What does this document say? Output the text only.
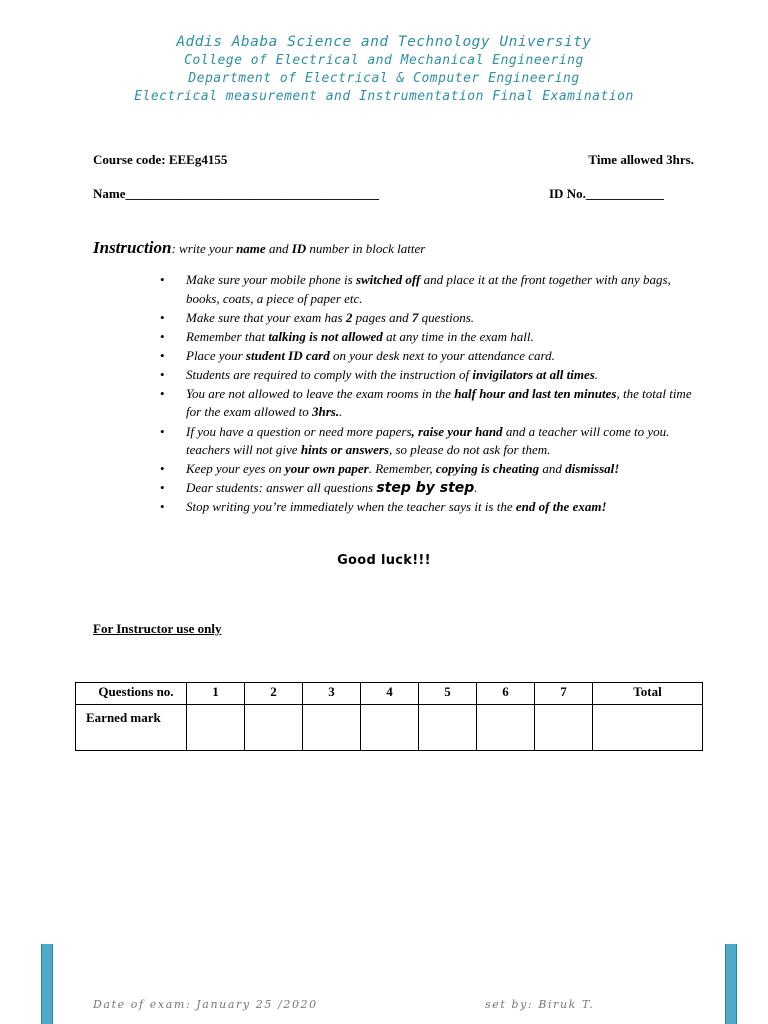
Addis Ababa Science and Technology University
College of Electrical and Mechanical Engineering
Department of Electrical & Computer Engineering
Electrical measurement and Instrumentation Final Examination
Course code: EEEg4155	Time allowed 3hrs.
Name_______________________________________	ID No.____________
Instruction: write your name and ID number in block latter
• Make sure your mobile phone is switched off and place it at the front together with any bags, books, coats, a piece of paper etc.
• Make sure that your exam has 2 pages and 7 questions.
• Remember that talking is not allowed at any time in the exam hall.
• Place your student ID card on your desk next to your attendance card.
• Students are required to comply with the instruction of invigilators at all times.
• You are not allowed to leave the exam rooms in the half hour and last ten minutes, the total time for the exam allowed to 3hrs..
• If you have a question or need more papers, raise your hand and a teacher will come to you. teachers will not give hints or answers, so please do not ask for them.
• Keep your eyes on your own paper. Remember, copying is cheating and dismissal!
• Dear students: answer all questions step by step.
• Stop writing you’re immediately when the teacher says it is the end of the exam!
Good luck!!!
For Instructor use only
Questions no.	1	2	3	4	5	6	7	Total
Earned mark								
Date of exam: January 25 /2020	set by: Biruk T.
